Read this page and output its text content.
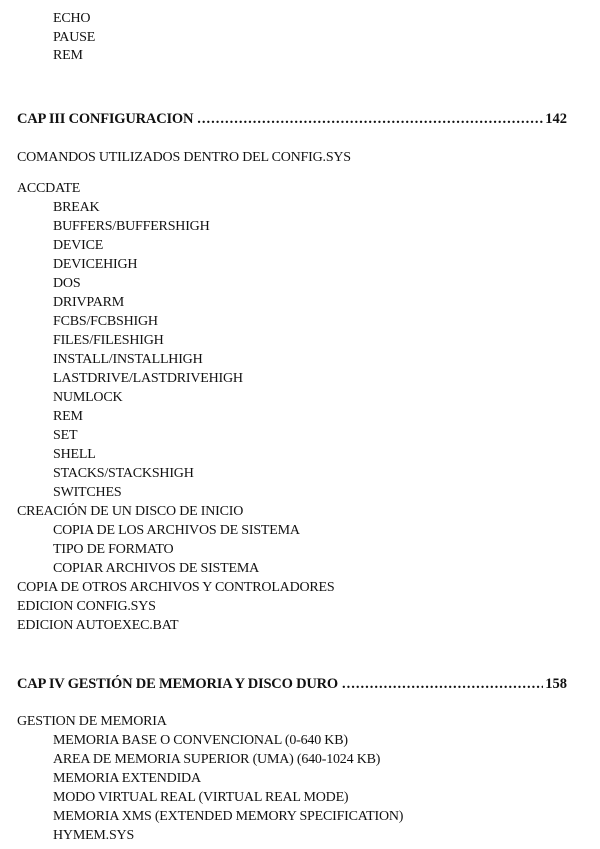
ECHO
PAUSE
REM
CAP III CONFIGURACION .....	142
COMANDOS UTILIZADOS DENTRO DEL CONFIG.SYS
ACCDATE
BREAK
BUFFERS/BUFFERSHIGH
DEVICE
DEVICEHIGH
DOS
DRIVPARM
FCBS/FCBSHIGH
FILES/FILESHIGH
INSTALL/INSTALLHIGH
LASTDRIVE/LASTDRIVEHIGH
NUMLOCK
REM
SET
SHELL
STACKS/STACKSHIGH
SWITCHES
CREACIÓN DE UN DISCO DE INICIO
COPIA DE LOS ARCHIVOS DE SISTEMA
TIPO DE FORMATO
COPIAR ARCHIVOS DE SISTEMA
COPIA DE OTROS ARCHIVOS Y CONTROLADORES
EDICION CONFIG.SYS
EDICION AUTOEXEC.BAT
CAP IV GESTIÓN DE MEMORIA Y DISCO DURO .....	158
GESTION DE MEMORIA
MEMORIA BASE O CONVENCIONAL (0-640 KB)
AREA DE MEMORIA SUPERIOR (UMA) (640-1024 KB)
MEMORIA EXTENDIDA
MODO VIRTUAL REAL (VIRTUAL REAL MODE)
MEMORIA XMS (EXTENDED MEMORY SPECIFICATION)
HYMEM.SYS
